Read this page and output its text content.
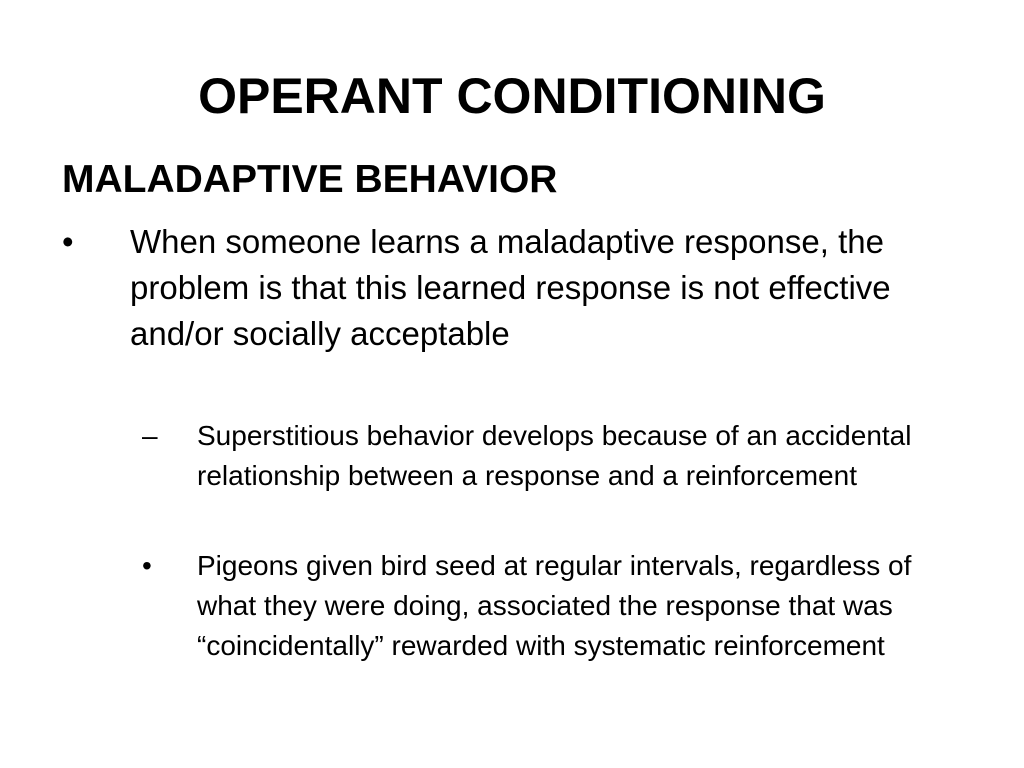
OPERANT CONDITIONING
MALADAPTIVE BEHAVIOR
• When someone learns a maladaptive response, the problem is that this learned response is not effective and/or socially acceptable
– Superstitious behavior develops because of an accidental relationship between a response and a reinforcement
• Pigeons given bird seed at regular intervals, regardless of what they were doing, associated the response that was “coincidentally” rewarded with systematic reinforcement
